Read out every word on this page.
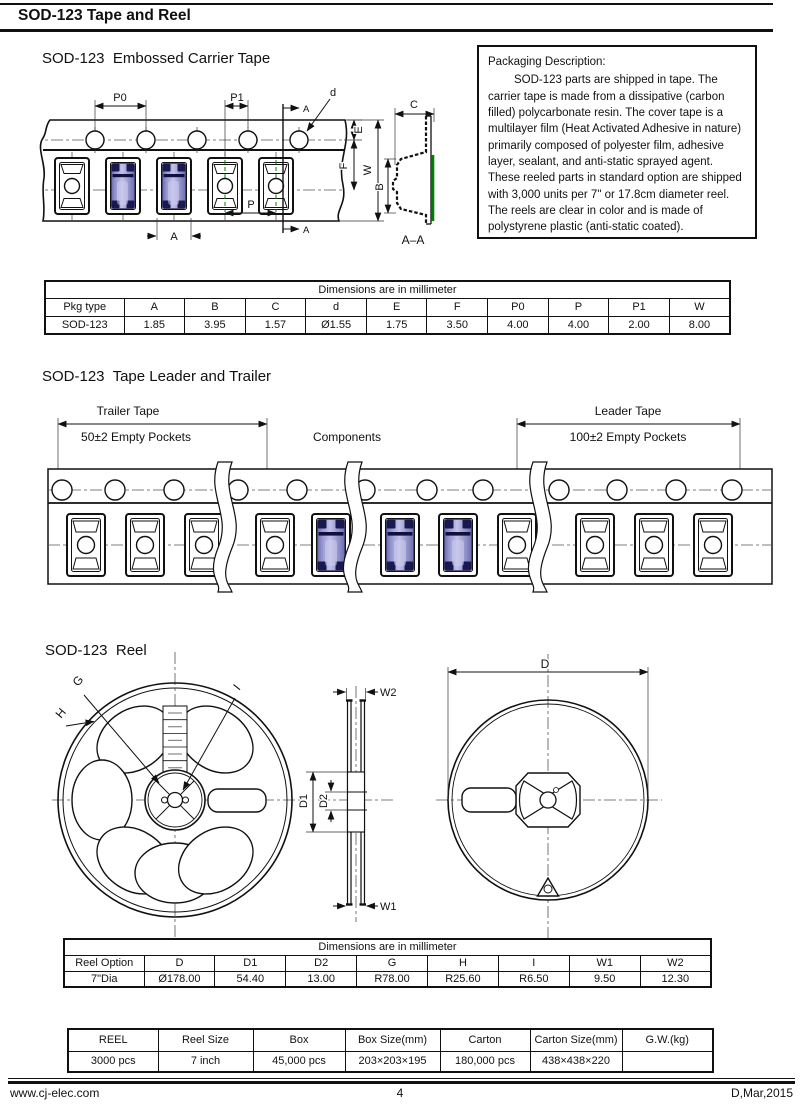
SOD-123 Tape and Reel
SOD-123  Embossed Carrier Tape	Packaging Description:
SOD-123 parts are shipped in tape. The carrier tape is made from a dissipative (carbon filled) polycarbonate resin. The cover tape is a multilayer film (Heat Activated Adhesive in nature) primarily composed of polyester film, adhesive layer, sealant, and anti-static sprayed agent. These reeled parts in standard option are shipped with 3,000 units per 7" or 17.8cm diameter reel. The reels are clear in color and is made of polystyrene plastic (anti-static coated).
P0	P1	d
A
A
E
F W
P
A
C
B
A–A
Dimensions are in millimeter										
Pkg type	A	B	C	d	E	F	P0	P	P1	W
SOD-123	1.85	3.95	1.57	Ø1.55	1.75	3.50	4.00	4.00	2.00	8.00
SOD-123  Tape Leader and Trailer
Trailer Tape
50±2 Empty Pockets	Components
Leader Tape
100±2 Empty Pockets
SOD-123  Reel
G
H
I	W2
W1
D1 D2
D
Dimensions are in millimeter								
Reel Option	D	D1	D2	G	H	I	W1	W2
7"Dia	Ø178.00	54.40	13.00	R78.00	R25.60	R6.50	9.50	12.30
REEL	Reel Size	Box	Box Size(mm)	Carton	Carton Size(mm)	G.W.(kg)
3000 pcs	7 inch	45,000 pcs	203×203×195	180,000 pcs	438×438×220	
www.cj-elec.com	4	D,Mar,2015
